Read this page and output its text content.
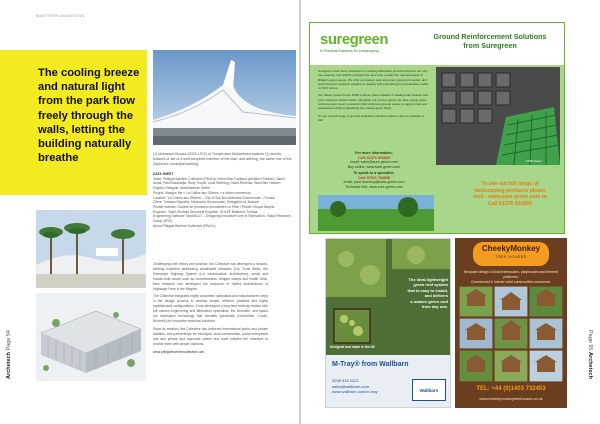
MASTERPLAN/DESIGN
The cooling breeze and natural light from the park flow freely through the walls, letting the building naturally breathe	(1) Mohamed Bouzid (2023-1972) of Tunisia also Mohammed saalmiz (1) and its ledwork or set of a well-complete member of the clan, and altering, the same role of the Zaytuna's municipal working.
DATA SHEET
Team: Philippe Barriere Collective (PBcEa), Ishem Ben Fadiboul (Architect Partner), Samir Arwal, Parsi Boubadjia, Rudy Troyat, Lucie Berthing, David Reherka, Wahi Ben Hassen
Graphic Designer: Abdelrahman Detfre
Project: Mosque the « La Colline aux Oliviers » a urban community
Location: 'La Colline aux Oliviers' – City of Sidi Bou Marsuba Governorate – Tunisia
Client: Tunisian Republic, Marsouba Governorate, Delegation of Jedoum
Private investor: Societe de promotion immobiliere Le Plein / Planet Groupe Bayeth
Engineer: Taalit Ghofrani Structural Engineer, SOLEP Batiment, Tunisia
Engineering Software: WorkBULT – Designing Innovative form in Fabrication / Stack Research Group (SRG)
About Philippe Barriere Collective (PBcCo)

Challenging both theory and practice, the Collective has developed a forward-thinking expertise addressing sustainable urbanism (Lot, Tunis West), the Enterprise Highway System (Lot Infrastructure Architecture), social and human-built issues such as homelessness, refugee camps and health clinic. New research has developed the exposure of Hybrid Architectures of Highways Ferry in the Magreb.

The Collective integrates highly competent specialists and manufacturers early in the design process to develop simple, efficient, practical and highly sophisticated configurations. It has developed a long time working relation with the various engineering and fabrication specialists, the Dermidiri, and spans out workspace technology that elevates specialists (Geochimie, Curvin, Bionivek) for innovative technical solutions.

Since its creation, the Collective has delivered international public and private facilities, and partnerships for municipal, local communities, social enterprises arts and private and corporate clients and have initiated the collective to provide them with simple solutions.

www.philippebarrierecollective.com
Archetech Page 94
suregreen
In Practical Solutions for Landscaping
Ground Reinforcement Solutions
from Suregreen

Suregreen have been dedicated to creating affordable products that are not only free draining and SUDS compliant but also help sustain the natural beauty of Britain's green areas. We offer permanent and temporary ground protection and reinforcement solutions capable of dealing with everything from pedestrian traffic to HGV lorries.

Our latest product is the FP60 a 40mm pave capable of dealing with heavier and more frequent vehicle traffic. Alongside our porous pavers we also supply grass reinforcement mesh, a solution that reinforces ground areas to support cars and pedestrians whilst maintaining the natural grass finish.

To see our full range of ground protection solutions please visit our website or call:

FP60 Paver
For more information;
Call: 01376 503869
email: sales@sure-green.com
Buy online: www.sure-green.com
To speak to a specialist;
Call: 07921 784658
email: paul.mcenroy@sure-green.com
Technical Info: www.sure-green.com	To see our full range of
landscaping products please
visit - www.sure-green.com or
Call 01376 503869
The ideal lightweight
green roof system
that is easy to install,
and delivers
a mature green roof
from day one.
Designed and made in the UK
M-Tray® from Wallbarn
0208 916 2222
sales@wallbarn.com
www.wallbarn.com/m-tray	Wallbarn
CheekyMonkey
TREE HOUSES
Bespoke design & build treehouses, playhouses and themed platforms.
Commercial & Interior solid communities welcomed.
TEL: +44 (0)1403 732453
www.cheekymonkeytreehouses.co.uk
Page 95 Archetech
